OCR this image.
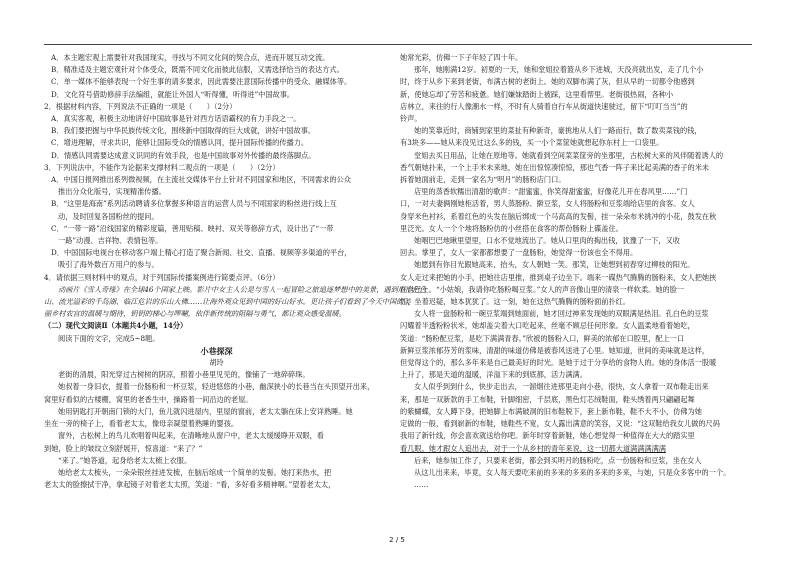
A．本主题宏观上需要针对我国现实，寻找与不同文化间的契合点，进而开展互动交流。
B．精准适及主题宏观针对个体受众，既需不同文化而彼此信服，又需选择恰当的表达方式。
C．单一媒体不能够表现一个好生事的请多要求，因此需要注意国际传播中的受众、融媒体等。
D．文化符号借助修辞手法编组，就能让外国人“听得懂，听得进”中国故事。
2．根据材料内容，下列说法不正确的一项是（　　）（2分）
A．真实客观，积极主动地讲好中国故事是针对西方话语霸权的有力手段之一。
B．我们要把握与中华民族传统文化，围绕新中国取得的巨大成就，讲好中国故事。
C．增进理解，寻求共识，能够让国际受众的情感认同，提升国际传播的传播力。
D．情感认同需要达成意义识同的有效手段，也是中国故事对外传播的最终落脚点。
3．下列说法中，不能作为论据来支撑材料二观点的一项是（　　）（2分）
A．中国日报网推出系列微视频，在主流社交媒体平台上针对不同国家和地区，不同需求的公众
推出分众化版号，实现精准传播。
B．“这里是海南”系列活动聘请多位掌握多种语言的运营人员与不同国家的粉丝进行线上互
动，及时回复各国粉丝的提问。
C．“一带一路”沿线国家的精彩度篇，善用贴稿、映衬、双关等修辞方式，设计出了“一带
一路”动漫、吉祥物、表情包等。
D．中国国际电视台在移动客户端上精心打造了聚合新闻、社交、直播、视频等多渠道的平台，
吸引了海外数百万用户的参与。
4．请依据三则材料中的观点，对于列国际传播案例进行简要点评。（6分）
动画片《雪人奇缘》在全球46个国家上映。影片中女主人公是与雪人一起冒险之旅追逐梦想中的美景，遇到形形色色
山、流光溢彩的千岛湖、临江危岩的乐山大佛……让海外观众见到中国的好山好水。更让孩子们看到了今天中国的美
丽乡村农宫的温暖与期待，钥钥的梯心与啰唰，依伴新传统的阻隔与勇气，都让观众感受温暖。
（二）现代文阅读Ⅱ（本题共4小题，14分）
阅读下面的文字，完成5~8题。
小巷探深
胡玲
老街的清晨，阳光穿过古树树的阴凉，照着小巷里见见的，像铺了一地碎碎珠。
她叔着一身旧衣，提着一份肠粉和一杯豆浆，轻进悠悠的小巷，幽深狭小的长巷当在头顶望开出来，
窝里好看似的古楼棚，窝里的老香生中，操路着一间沿边的老屋。
她用钥匙打开朝南门锁的大门，鱼儿就闪进屋内，里屋的窗前，老太太躺在床上安详熟睡。她
坐在一旁的椅子上，看着老太太，像母亲凝望着熟睡的婴孩。
窗外，古松树上的鸟儿欢唱着叫起来，在清晰地从窗户中，老太太缓缓睁开双眼，看
到她，脸上的皱纹立刻舒展开，惊喜道：“来了？”
“来了。”她答道，起身给老太太梳上衣服。
她给老太太梳头，一朵朵银丝挂进发梳，在脑后绾成一个简单的发髻。她打来热水，把
老太太的脸擦拭干净，拿起镜子对着老太太照，笑道：“看，多好看多精神啊。”望着老太太，
她常光彩，仿佛一下子年轻了四十年。
那年，她刚满12岁。初夏的一天，她和堂姐拉着篮从乡下进城，天没亮就出发，走了几个小
时，终于从乡下来到老街，布满古树的老街上。她的双脚布满了灰，但从早的一切都令他感到
新，使她忘却了劳苦和疲惫。她们嫌妹踏街上被踩，这里看帮里。老街很热闹，各种小
店林立，来往的行人像潮水一样，不时有人骑着自行车从街道快速驶过，留下“叮叮当当”的
铃声。
她的笑靠近时，商铺到家里的菜扯有种新奇，豪挑地从人们一路而行，数了数卖菜钱的钱，
有3块多——她从来没见过这么多的钱，买一小个菜筐她就想起你东村上一口袋里。
堂姐去买日用品，让她在原地等。她就看到空间菜菜筐旁的坐那里，古松树大来的风伴随着诱人的
香气朝她扑来，一个上手米未来地，她在出惊惊凑惊惊，那也气香一阵子来比起美满的香子的米未
拆着她面前走，走到一家名为“明月”的肠粉店门口。
店里的蒸香软糯出清甜的歌声：“甜蜜蜜，你笑得甜蜜蜜，好像花儿开在春风里……”门
口，一对夫妻俩刚她柜活着，男人蒸肠粉、擀豆浆，女人将肠粉和豆浆端给店里的食客。女人
身穿米色衬衫，系着红色的头发在脑后绑成一个马高高的发髻，挂一朵朵布米挑冲的小花，鼓发在秋
里泛光。女人一个个地将肠粉仿的小丝搭在食客的帮份肠粉上碟盖住。
她咽巴巴地瞅里望里，口水不觉地流出了。她从口里肉的掏出钱，犹豫了一下，又收
回去。掌里了，女人一家都都想要了一盘肠粉，她觉得一份该也全不得用。
她愿到有你目光跟她高来，抬头，女人朝她一笑。那笑，让她想到初春穿过柳枝的阳光。
女人走过来把她的小手，把她往店里推，推到桌子边坐下。端来一碟热气腾腾的肠粉来，女人把她挟
在自已上。“小姑娘，我请你吃肠粉喝豆浆。”女人的声音像山里的清泉一样软柔。她的脸一
红，坐着迟疑，她本犹犹了。这一刻，她在这热气腾腾的肠粉面前扑红。
女人将一盘肠粉和一碗豆浆端到她面前，她才回过神来发现她的双眼满是热泪。孔白色的豆浆
闪耀着半透粉粉状米，她却盖尖着大口吃起来，丝毫不顾忌任何形象。女人温柔地看着她吃，
笑道：“肠粉配豆浆，是吃下满满青春。”欣被的肠粉入口，鲜美的浓郁在口腔里，配上一口
新鲜豆浆浓郁芬芳的浆味，清甜的味道仿佛是被春风送进了心里。她知道，世间的美味就是这样，
但觉得这个的，那么多年来是自己最美好的时光。是她于过于分享给的食物人的。她的身体活一股暖
上升了，那是天道的温暖，洋溢下来的到底都，活力满满。
女人似乎到到什么，快步走出去，一溜烟往进那里走向小巷，很快，女人拿着一双布鞋走出来
来，那是一双新款的手工布鞋，针脚细密，千层底，黑色灯芯绒鞋面，鞋头绣着两只翩翩起舞
的紫蝴蝶，女人蹲下身，把她脚上布满破洞的旧布鞋脱下，套上新布鞋，鞋不大不小，仿佛为她
定做的一般，看到崭新的布鞋，她鞋些不宽，女人露出满意的笑容，又说：“这双鞋给我女儿做的尺码
我用了新针线，你会喜欢就送给你吧。新年时穿着新鞋，她心想觉得一种值得在大大的踏实里
看几眼。她才跟女人追出去，对于一个从乡村的青年来说，这一切都大道满满满满满
后来，她参加工作了，只要来老街，都会到买明月的肠粉吃，点一份肠粉和豆浆，坐在女人
从这儿出来来，毕竟，女人每天要吃来前的多来的多来的多来的多来，与她，只是众多客中的一个。
……
2 / 5
